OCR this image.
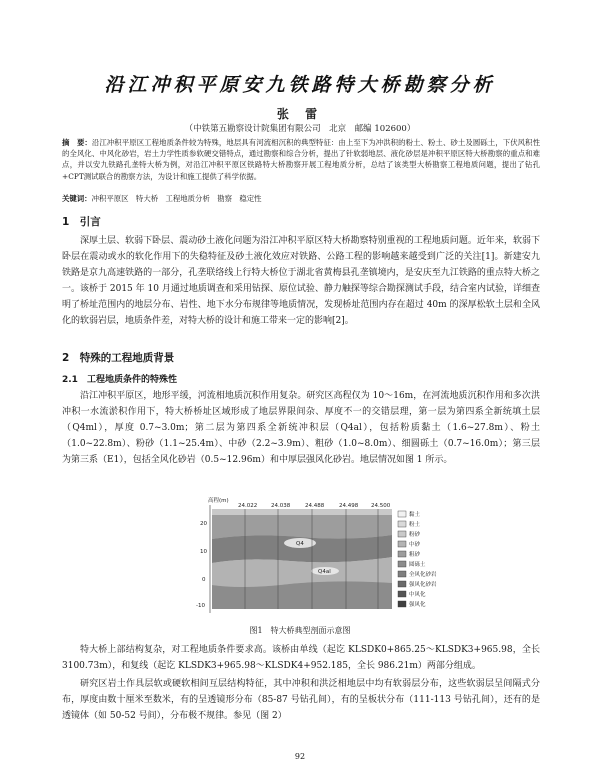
沿江冲积平原安九铁路特大桥勘察分析
张 雷
（中铁第五勘察设计院集团有限公司　北京　邮编 102600）
摘　要：沿江冲积平原区工程地质条件较为特殊，地层具有河流相沉积的典型特征：由上至下为冲洪积的粉土、粉土、砂土及圆砾土，下伏风积性的全风化、中风化砂岩，岩土力学性质参软硬交错特点，通过勘察和综合分析，提出了针软弱地层、液化砂层是冲积平原区特大桥勘察的重点和难点，并以安九铁路孔垄特大桥为例，对沿江冲积平原区铁路特大桥勘察开展工程地质分析，总结了该类型大桥勘察工程地质问题，提出了钻孔+CPT测试联合的勘察方法，为设计和施工提供了科学依据。
关键词：冲积平原区　特大桥　工程地质分析　勘察　稳定性
1　引言
深厚土层、软弱下卧层、震动砂土液化问题为沿江冲积平原区特大桥勘察特别重视的工程地质问题。近年来，软弱下卧层在震动或水的软化作用下的失稳特征及砂土液化效应对铁路、公路工程的影响越来越受到广泛的关注[1]。新建安九铁路是京九高速铁路的一部分，孔垄联络线上行特大桥位于湖北省黄梅县孔垄镇境内，是安庆至九江铁路的重点特大桥之一。该桥于 2015 年 10 月通过地质调查和采用钻探、原位试验、静力触探等综合勘探测试手段，结合室内试验，详细查明了桥址范围内的地层分布、岩性、地下水分布规律等地质情况，发现桥址范围内存在超过 40m 的深厚松软土层和全风化的软弱岩层，地质条件差，对特大桥的设计和施工带来一定的影响[2]。
2　特殊的工程地质背景
2.1　工程地质条件的特殊性
沿江冲积平原区，地形平缓，河流相地质沉积作用复杂。研究区高程仅为 10～16m，在河流地质沉积作用和多次洪冲积一水流淤积作用下，特大桥桥址区域形成了地层界限间杂、厚度不一的交错层理，第一层为第四系全新统填土层（Q4ml），厚度 0.7~3.0m；第二层为第四系全新统冲积层（Q4al），包括粉质黏土（1.6~27.8m）、粉土（1.0~22.8m）、粉砂（1.1~25.4m）、中砂（2.2~3.9m）、粗砂（1.0~8.0m）、细圆砾土（0.7~16.0m）；第三层为第三系（E1），包括全风化砂岩（0.5~12.96m）和中厚层强风化砂岩。地层情况如图 1 所示。
高程(m)
20
10
0
-10
24.022	24.038	24.488	24.498 24.500
Q4
Q4al
黏土
粉土
粉砂
中砂
粗砂
圆砾土
全风化砂岩
强风化砂岩
中风化
强风化
图1　特大桥典型剖面示意图
特大桥上部结构复杂，对工程地质条件要求高。该桥由单线（起讫 KLSDK0+865.25～KLSDK3+965.98，全长 3100.73m），和复线（起讫 KLSDK3+965.98～KLSDK4+952.185，全长 986.21m）两部分组成。
研究区岩土作具层软或硬软相间互层结构特征，其中冲积和洪泛相地层中均有软弱层分布，这些软弱层呈间隔式分布，厚度由数十厘米至数米，有的呈透镜形分布（85-87 号钻孔间），有的呈板状分布（111-113 号钻孔间），还有的是透镜体（如 50-52 号间），分布极不规律。参见（图 2）
92
